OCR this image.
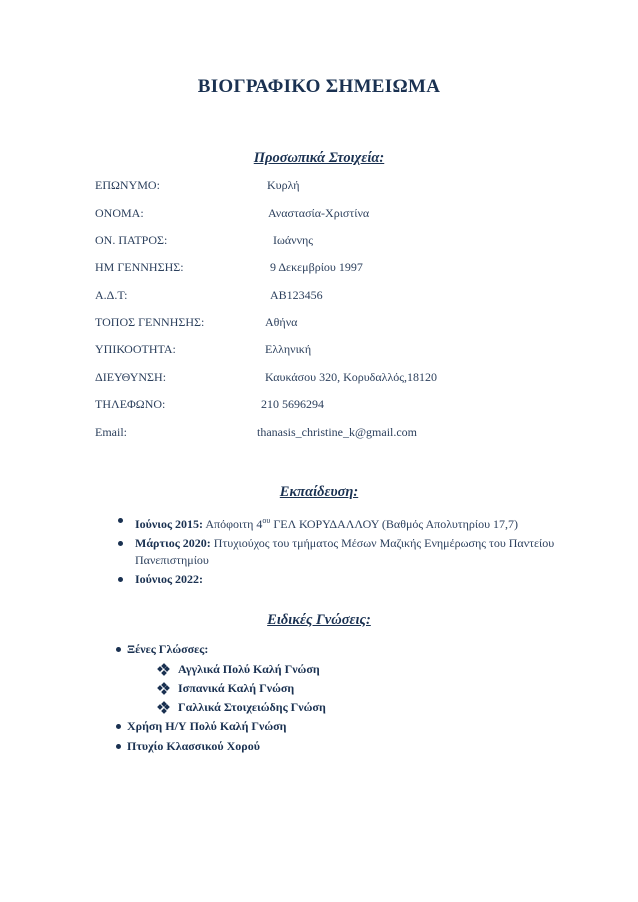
ΒΙΟΓΡΑΦΙΚΟ ΣΗΜΕΙΩΜΑ
Προσωπικά Στοιχεία:
ΕΠΩΝΥΜΟ:	Κυρλή
ΟΝΟΜΑ:	Αναστασία-Χριστίνα
ΟΝ. ΠΑΤΡΟΣ:	Ιωάννης
ΗΜ ΓΕΝΝΗΣΗΣ:	9 Δεκεμβρίου 1997
Α.Δ.Τ:	ΑΒ123456
ΤΟΠΟΣ ΓΕΝΝΗΣΗΣ:	Αθήνα
ΥΠΙΚΟΟΤΗΤΑ:	Ελληνική
ΔΙΕΥΘΥΝΣΗ:	Καυκάσου 320, Κορυδαλλός,18120
ΤΗΛΕΦΩΝΟ:	210 5696294
Email:	thanasis_christine_k@gmail.com
Εκπαίδευση:
Ιούνιος 2015: Απόφοιτη $4^{o\upsilon}$ ΓΕΛ ΚΟΡΥΔΑΛΛΟΥ (Βαθμός Απολυτηρίου 17,7)
Μάρτιος 2020: Πτυχιούχος του τμήματος Μέσων Μαζικής Ενημέρωσης του Παντείου Πανεπιστημίου
Ιούνιος 2022:
Ειδικές Γνώσεις:
Ξένες Γλώσσες:
Αγγλικά Πολύ Καλή Γνώση
Ισπανικά Καλή Γνώση
Γαλλικά Στοιχειώδης Γνώση
Χρήση Η/Υ Πολύ Καλή Γνώση
Πτυχίο Κλασσικού Χορού
